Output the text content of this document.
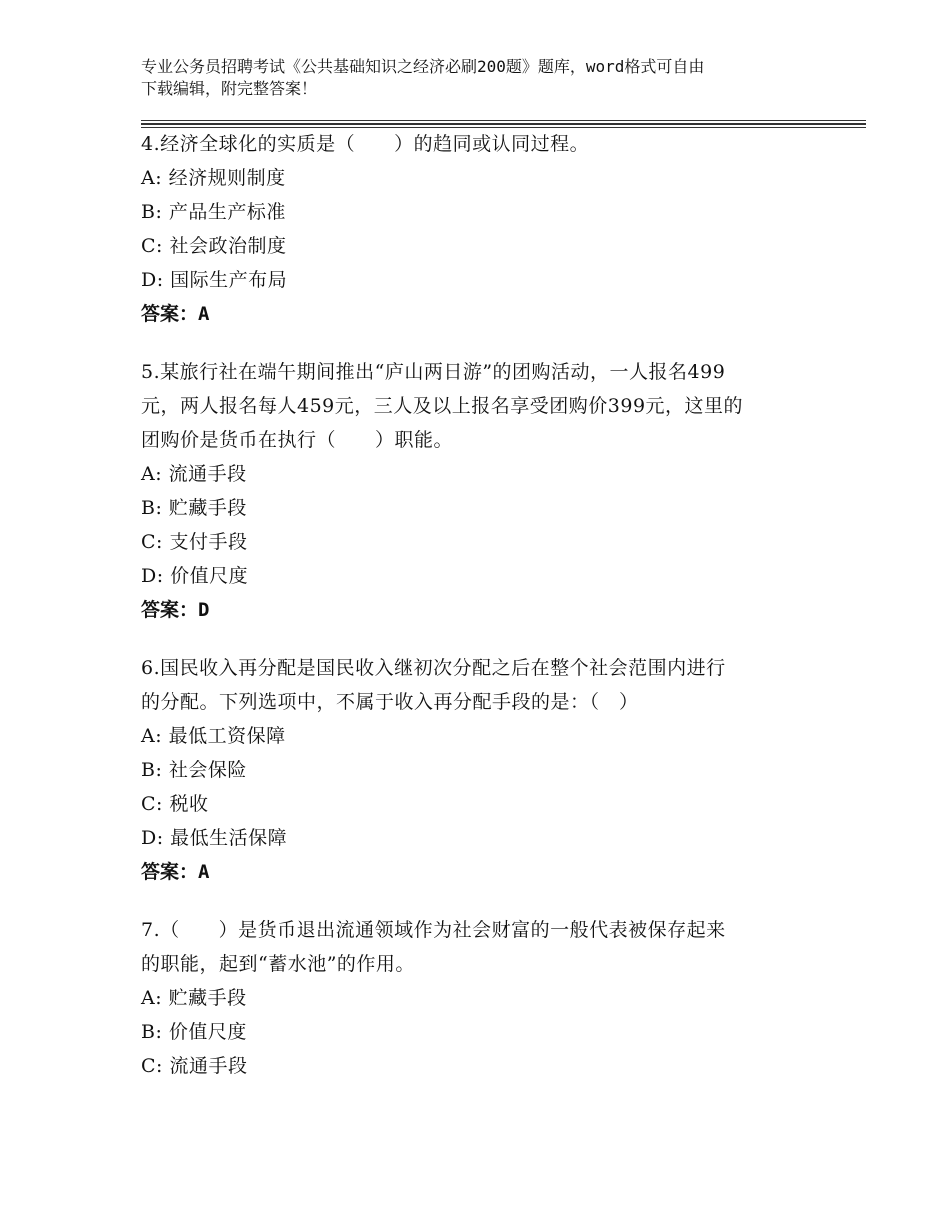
专业公务员招聘考试《公共基础知识之经济必刷200题》题库，word格式可自由
下载编辑，附完整答案！
4.经济全球化的实质是（　　）的趋同或认同过程。
A: 经济规则制度
B: 产品生产标准
C: 社会政治制度
D: 国际生产布局
答案：A
5.某旅行社在端午期间推出“庐山两日游”的团购活动，一人报名499
元，两人报名每人459元，三人及以上报名享受团购价399元，这里的
团购价是货币在执行（　　）职能。
A: 流通手段
B: 贮藏手段
C: 支付手段
D: 价值尺度
答案：D
6.国民收入再分配是国民收入继初次分配之后在整个社会范围内进行
的分配。下列选项中，不属于收入再分配手段的是：（　）
A: 最低工资保障
B: 社会保险
C: 税收
D: 最低生活保障
答案：A
7.（　　）是货币退出流通领域作为社会财富的一般代表被保存起来
的职能，起到“蓄水池”的作用。
A: 贮藏手段
B: 价值尺度
C: 流通手段
